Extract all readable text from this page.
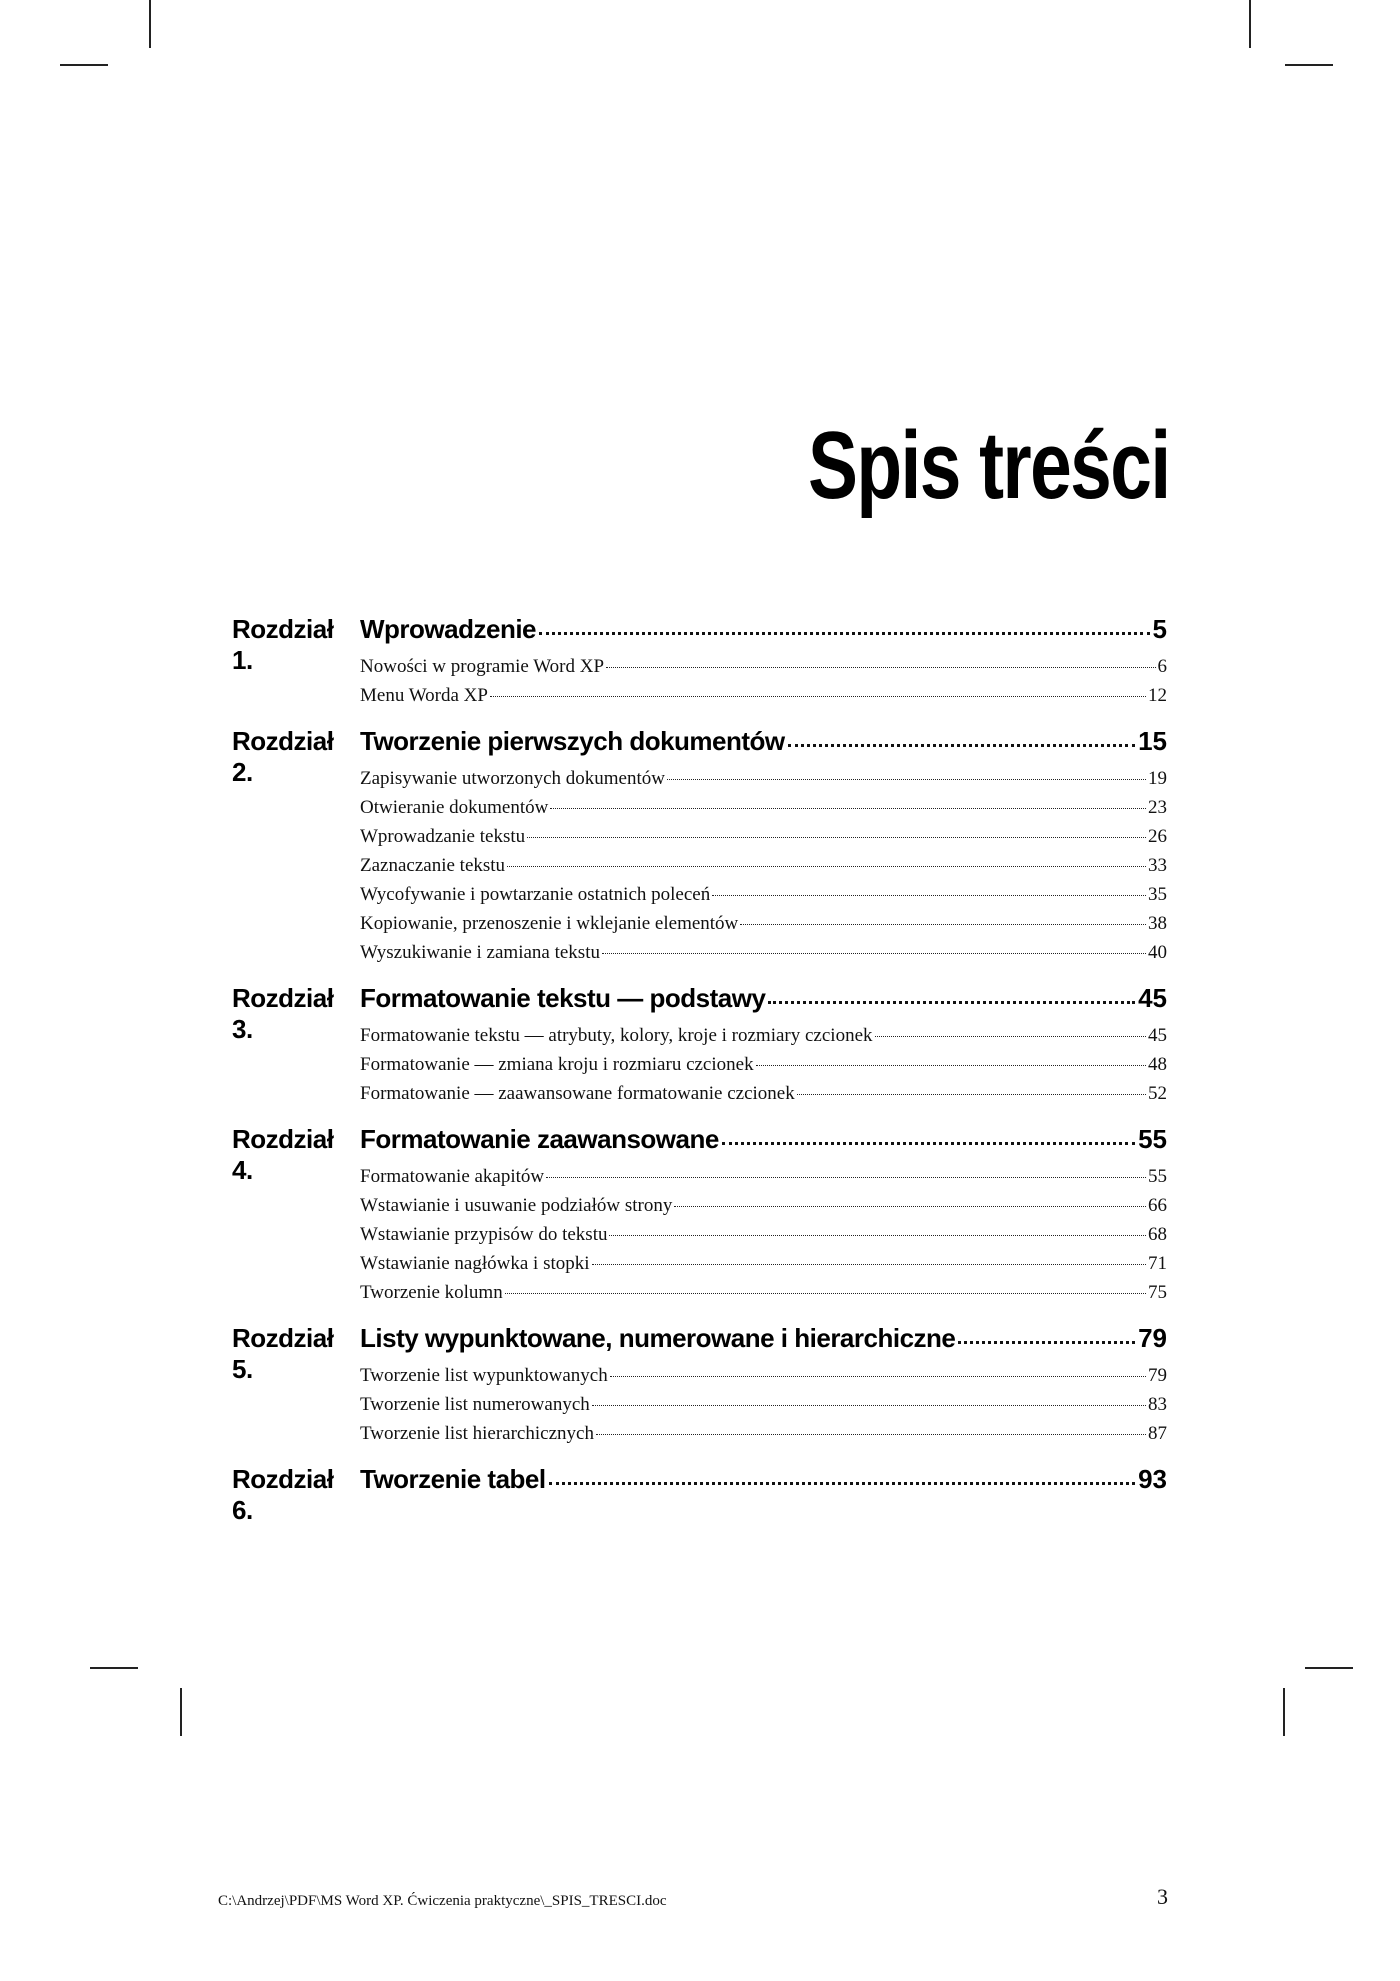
Spis treści
Rozdział 1.
Wprowadzenie	5
Nowości w programie Word XP	6
Menu Worda XP	12
Rozdział 2.
Tworzenie pierwszych dokumentów	15
Zapisywanie utworzonych dokumentów	19
Otwieranie dokumentów	23
Wprowadzanie tekstu	26
Zaznaczanie tekstu	33
Wycofywanie i powtarzanie ostatnich poleceń	35
Kopiowanie, przenoszenie i wklejanie elementów	38
Wyszukiwanie i zamiana tekstu	40
Rozdział 3.
Formatowanie tekstu — podstawy	45
Formatowanie tekstu — atrybuty, kolory, kroje i rozmiary czcionek	45
Formatowanie — zmiana kroju i rozmiaru czcionek	48
Formatowanie — zaawansowane formatowanie czcionek	52
Rozdział 4.
Formatowanie zaawansowane	55
Formatowanie akapitów	55
Wstawianie i usuwanie podziałów strony	66
Wstawianie przypisów do tekstu	68
Wstawianie nagłówka i stopki	71
Tworzenie kolumn	75
Rozdział 5.
Listy wypunktowane, numerowane i hierarchiczne	79
Tworzenie list wypunktowanych	79
Tworzenie list numerowanych	83
Tworzenie list hierarchicznych	87
Rozdział 6.
Tworzenie tabel	93
C:\Andrzej\PDF\MS Word XP. Ćwiczenia praktyczne\_SPIS_TRESCI.doc	3
